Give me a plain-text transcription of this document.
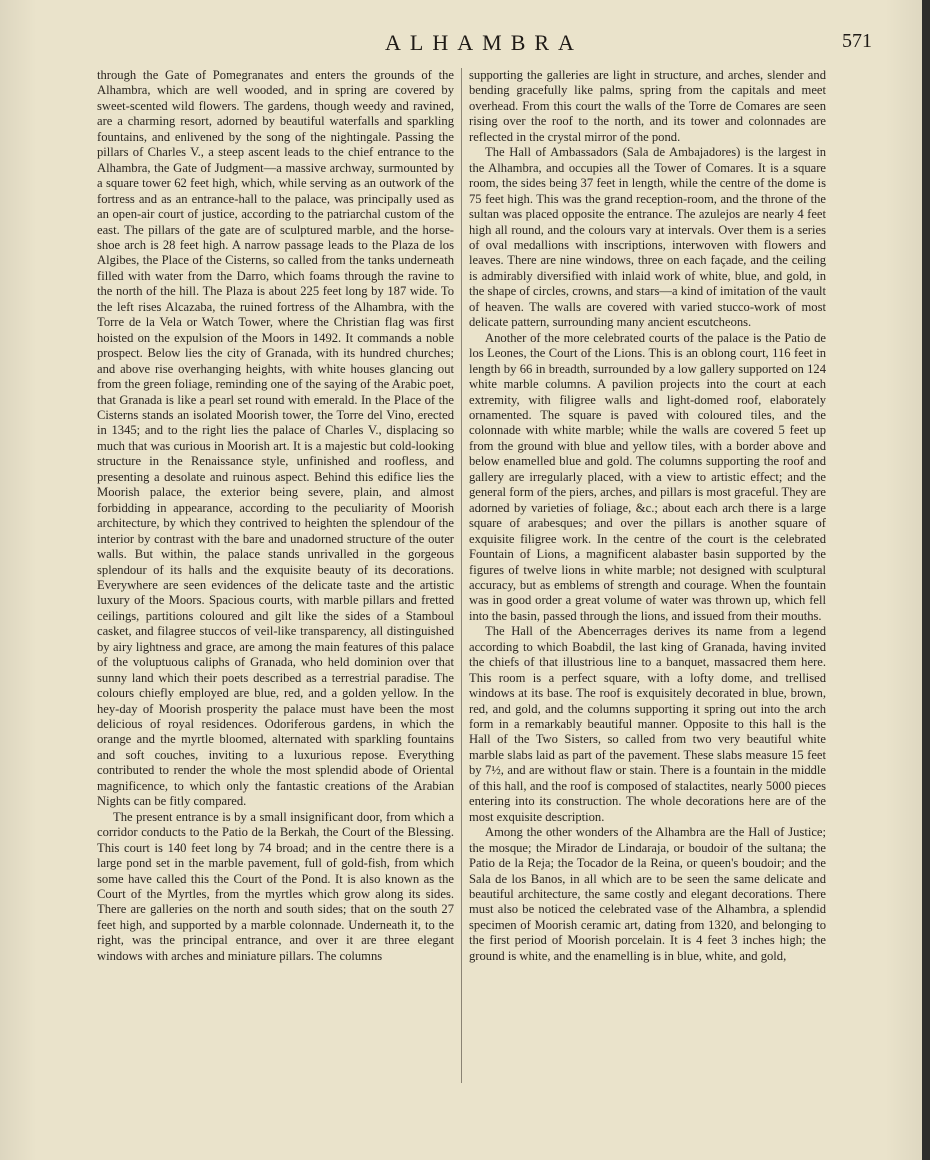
ALHAMBRA	571

through the Gate of Pomegranates and enters the grounds of the Alhambra, which are well wooded, and in spring are covered by sweet-scented wild flowers. The gardens, though weedy and ravined, are a charming resort, adorned by beautiful waterfalls and sparkling fountains, and enlivened by the song of the nightingale. Passing the pillars of Charles V., a steep ascent leads to the chief entrance to the Alhambra, the Gate of Judgment—a massive archway, surmounted by a square tower 62 feet high, which, while serving as an outwork of the fortress and as an entrance-hall to the palace, was principally used as an open-air court of justice, according to the patriarchal custom of the east. The pillars of the gate are of sculptured marble, and the horse-shoe arch is 28 feet high. A narrow passage leads to the Plaza de los Algibes, the Place of the Cisterns, so called from the tanks underneath filled with water from the Darro, which foams through the ravine to the north of the hill. The Plaza is about 225 feet long by 187 wide. To the left rises Alcazaba, the ruined fortress of the Alhambra, with the Torre de la Vela or Watch Tower, where the Christian flag was first hoisted on the expulsion of the Moors in 1492. It commands a noble prospect. Below lies the city of Granada, with its hundred churches; and above rise overhanging heights, with white houses glancing out from the green foliage, reminding one of the saying of the Arabic poet, that Granada is like a pearl set round with emerald. In the Place of the Cisterns stands an isolated Moorish tower, the Torre del Vino, erected in 1345; and to the right lies the palace of Charles V., displacing so much that was curious in Moorish art. It is a majestic but cold-looking structure in the Renaissance style, unfinished and roofless, and presenting a desolate and ruinous aspect. Behind this edifice lies the Moorish palace, the exterior being severe, plain, and almost forbidding in appearance, according to the peculiarity of Moorish architecture, by which they contrived to heighten the splendour of the interior by contrast with the bare and unadorned structure of the outer walls. But within, the palace stands unrivalled in the gorgeous splendour of its halls and the exquisite beauty of its decorations. Everywhere are seen evidences of the delicate taste and the artistic luxury of the Moors. Spacious courts, with marble pillars and fretted ceilings, partitions coloured and gilt like the sides of a Stamboul casket, and filagree stuccos of veil-like transparency, all distinguished by airy lightness and grace, are among the main features of this palace of the voluptuous caliphs of Granada, who held dominion over that sunny land which their poets described as a terrestrial paradise. The colours chiefly employed are blue, red, and a golden yellow. In the hey-day of Moorish prosperity the palace must have been the most delicious of royal residences. Odoriferous gardens, in which the orange and the myrtle bloomed, alternated with sparkling fountains and soft couches, inviting to a luxurious repose. Everything contributed to render the whole the most splendid abode of Oriental magnificence, to which only the fantastic creations of the Arabian Nights can be fitly compared.

The present entrance is by a small insignificant door, from which a corridor conducts to the Patio de la Berkah, the Court of the Blessing. This court is 140 feet long by 74 broad; and in the centre there is a large pond set in the marble pavement, full of gold-fish, from which some have called this the Court of the Pond. It is also known as the Court of the Myrtles, from the myrtles which grow along its sides. There are galleries on the north and south sides; that on the south 27 feet high, and supported by a marble colonnade. Underneath it, to the right, was the principal entrance, and over it are three elegant windows with arches and miniature pillars. The columns

supporting the galleries are light in structure, and arches, slender and bending gracefully like palms, spring from the capitals and meet overhead. From this court the walls of the Torre de Comares are seen rising over the roof to the north, and its tower and colonnades are reflected in the crystal mirror of the pond.

The Hall of Ambassadors (Sala de Ambajadores) is the largest in the Alhambra, and occupies all the Tower of Comares. It is a square room, the sides being 37 feet in length, while the centre of the dome is 75 feet high. This was the grand reception-room, and the throne of the sultan was placed opposite the entrance. The azulejos are nearly 4 feet high all round, and the colours vary at intervals. Over them is a series of oval medallions with inscriptions, interwoven with flowers and leaves. There are nine windows, three on each façade, and the ceiling is admirably diversified with inlaid work of white, blue, and gold, in the shape of circles, crowns, and stars—a kind of imitation of the vault of heaven. The walls are covered with varied stucco-work of most delicate pattern, surrounding many ancient escutcheons.

Another of the more celebrated courts of the palace is the Patio de los Leones, the Court of the Lions. This is an oblong court, 116 feet in length by 66 in breadth, surrounded by a low gallery supported on 124 white marble columns. A pavilion projects into the court at each extremity, with filigree walls and light-domed roof, elaborately ornamented. The square is paved with coloured tiles, and the colonnade with white marble; while the walls are covered 5 feet up from the ground with blue and yellow tiles, with a border above and below enamelled blue and gold. The columns supporting the roof and gallery are irregularly placed, with a view to artistic effect; and the general form of the piers, arches, and pillars is most graceful. They are adorned by varieties of foliage, &c.; about each arch there is a large square of arabesques; and over the pillars is another square of exquisite filigree work. In the centre of the court is the celebrated Fountain of Lions, a magnificent alabaster basin supported by the figures of twelve lions in white marble; not designed with sculptural accuracy, but as emblems of strength and courage. When the fountain was in good order a great volume of water was thrown up, which fell into the basin, passed through the lions, and issued from their mouths.

The Hall of the Abencerrages derives its name from a legend according to which Boabdil, the last king of Granada, having invited the chiefs of that illustrious line to a banquet, massacred them here. This room is a perfect square, with a lofty dome, and trellised windows at its base. The roof is exquisitely decorated in blue, brown, red, and gold, and the columns supporting it spring out into the arch form in a remarkably beautiful manner. Opposite to this hall is the Hall of the Two Sisters, so called from two very beautiful white marble slabs laid as part of the pavement. These slabs measure 15 feet by 7½, and are without flaw or stain. There is a fountain in the middle of this hall, and the roof is composed of stalactites, nearly 5000 pieces entering into its construction. The whole decorations here are of the most exquisite description.

Among the other wonders of the Alhambra are the Hall of Justice; the mosque; the Mirador de Lindaraja, or boudoir of the sultana; the Patio de la Reja; the Tocador de la Reina, or queen's boudoir; and the Sala de los Banos, in all which are to be seen the same delicate and beautiful architecture, the same costly and elegant decorations. There must also be noticed the celebrated vase of the Alhambra, a splendid specimen of Moorish ceramic art, dating from 1320, and belonging to the first period of Moorish porcelain. It is 4 feet 3 inches high; the ground is white, and the enamelling is in blue, white, and gold,
